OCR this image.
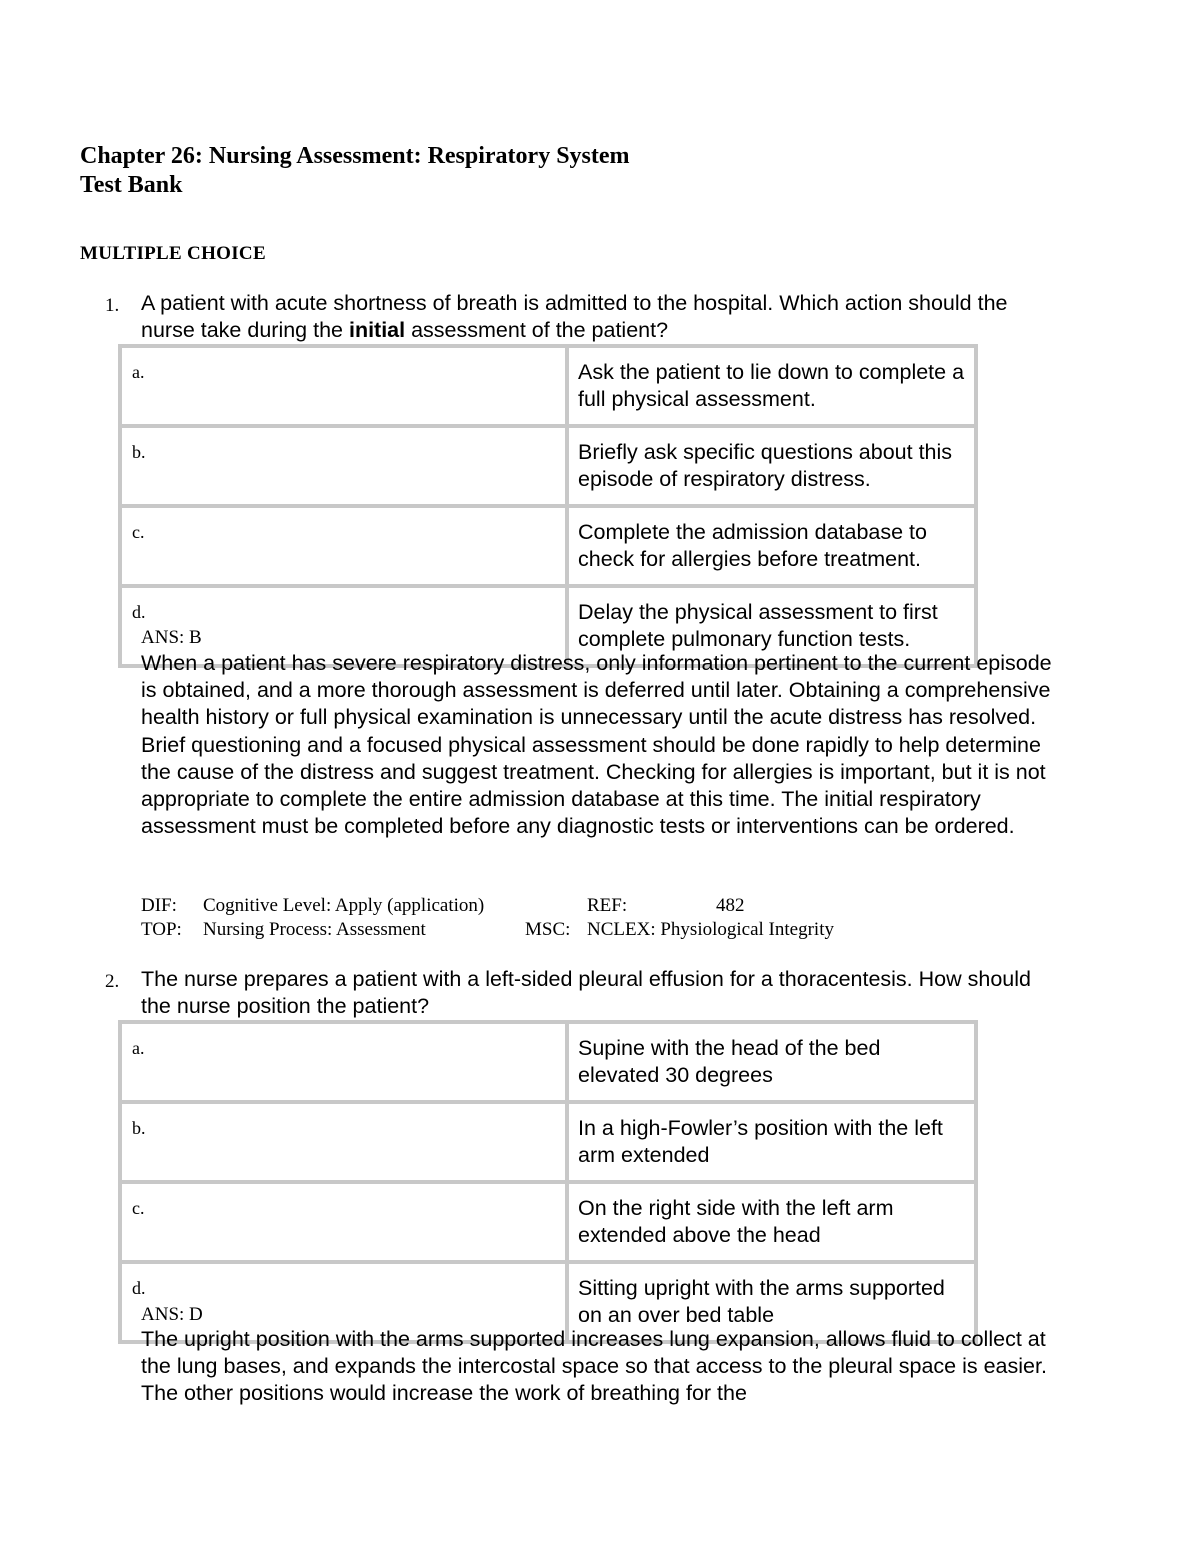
Chapter 26: Nursing Assessment: Respiratory System
Test Bank
MULTIPLE CHOICE
1. A patient with acute shortness of breath is admitted to the hospital. Which action should the nurse take during the initial assessment of the patient?
a.	Ask the patient to lie down to complete a full physical assessment.
b.	Briefly ask specific questions about this episode of respiratory distress.
c.	Complete the admission database to check for allergies before treatment.
d.	Delay the physical assessment to first complete pulmonary function tests.
ANS: B
When a patient has severe respiratory distress, only information pertinent to the current episode is obtained, and a more thorough assessment is deferred until later. Obtaining a comprehensive health history or full physical examination is unnecessary until the acute distress has resolved. Brief questioning and a focused physical assessment should be done rapidly to help determine the cause of the distress and suggest treatment. Checking for allergies is important, but it is not appropriate to complete the entire admission database at this time. The initial respiratory assessment must be completed before any diagnostic tests or interventions can be ordered.
DIF: Cognitive Level: Apply (application)	REF:	482
TOP: Nursing Process: Assessment	MSC: NCLEX: Physiological Integrity
2. The nurse prepares a patient with a left-sided pleural effusion for a thoracentesis. How should the nurse position the patient?
a.	Supine with the head of the bed elevated 30 degrees
b.	In a high-Fowler’s position with the left arm extended
c.	On the right side with the left arm extended above the head
d.	Sitting upright with the arms supported on an over bed table
ANS: D
The upright position with the arms supported increases lung expansion, allows fluid to collect at the lung bases, and expands the intercostal space so that access to the pleural space is easier. The other positions would increase the work of breathing for the
